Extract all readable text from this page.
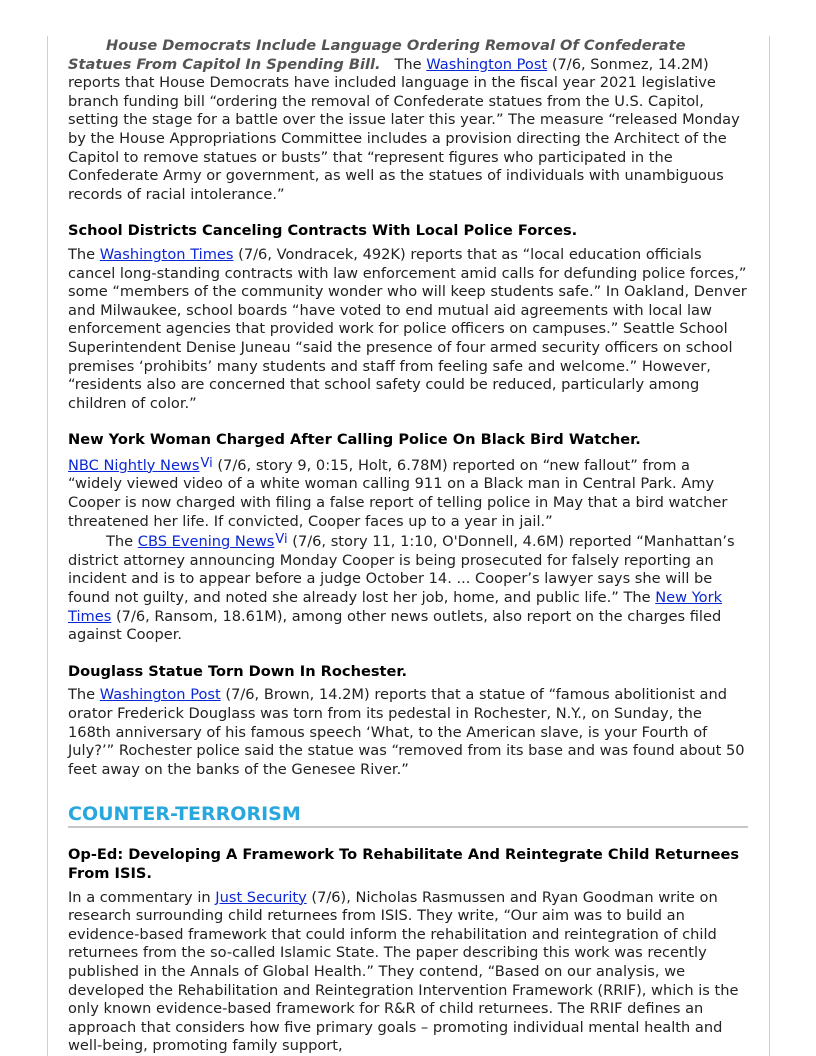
House Democrats Include Language Ordering Removal Of Confederate Statues From Capitol In Spending Bill. The Washington Post (7/6, Sonmez, 14.2M) reports that House Democrats have included language in the fiscal year 2021 legislative branch funding bill “ordering the removal of Confederate statues from the U.S. Capitol, setting the stage for a battle over the issue later this year.” The measure “released Monday by the House Appropriations Committee includes a provision directing the Architect of the Capitol to remove statues or busts” that “represent figures who participated in the Confederate Army or government, as well as the statues of individuals with unambiguous records of racial intolerance.”

School Districts Canceling Contracts With Local Police Forces.

The Washington Times (7/6, Vondracek, 492K) reports that as “local education officials cancel long-standing contracts with law enforcement amid calls for defunding police forces,” some “members of the community wonder who will keep students safe.” In Oakland, Denver and Milwaukee, school boards “have voted to end mutual aid agreements with local law enforcement agencies that provided work for police officers on campuses.” Seattle School Superintendent Denise Juneau “said the presence of four armed security officers on school premises ‘prohibits’ many students and staff from feeling safe and welcome.” However, “residents also are concerned that school safety could be reduced, particularly among children of color.”

New York Woman Charged After Calling Police On Black Bird Watcher.

NBC Nightly NewsVi (7/6, story 9, 0:15, Holt, 6.78M) reported on “new fallout” from a “widely viewed video of a white woman calling 911 on a Black man in Central Park. Amy Cooper is now charged with filing a false report of telling police in May that a bird watcher threatened her life. If convicted, Cooper faces up to a year in jail.”

The CBS Evening NewsVi (7/6, story 11, 1:10, O'Donnell, 4.6M) reported “Manhattan’s district attorney announcing Monday Cooper is being prosecuted for falsely reporting an incident and is to appear before a judge October 14. ... Cooper’s lawyer says she will be found not guilty, and noted she already lost her job, home, and public life.” The New York Times (7/6, Ransom, 18.61M), among other news outlets, also report on the charges filed against Cooper.

Douglass Statue Torn Down In Rochester.

The Washington Post (7/6, Brown, 14.2M) reports that a statue of “famous abolitionist and orator Frederick Douglass was torn from its pedestal in Rochester, N.Y., on Sunday, the 168th anniversary of his famous speech ‘What, to the American slave, is your Fourth of July?’” Rochester police said the statue was “removed from its base and was found about 50 feet away on the banks of the Genesee River.”

COUNTER-TERRORISM
Op-Ed: Developing A Framework To Rehabilitate And Reintegrate Child Returnees From ISIS.

In a commentary in Just Security (7/6), Nicholas Rasmussen and Ryan Goodman write on research surrounding child returnees from ISIS. They write, “Our aim was to build an evidence-based framework that could inform the rehabilitation and reintegration of child returnees from the so-called Islamic State. The paper describing this work was recently published in the Annals of Global Health.” They contend, “Based on our analysis, we developed the Rehabilitation and Reintegration Intervention Framework (RRIF), which is the only known evidence-based framework for R&R of child returnees. The RRIF defines an approach that considers how five primary goals – promoting individual mental health and well-being, promoting family support,
